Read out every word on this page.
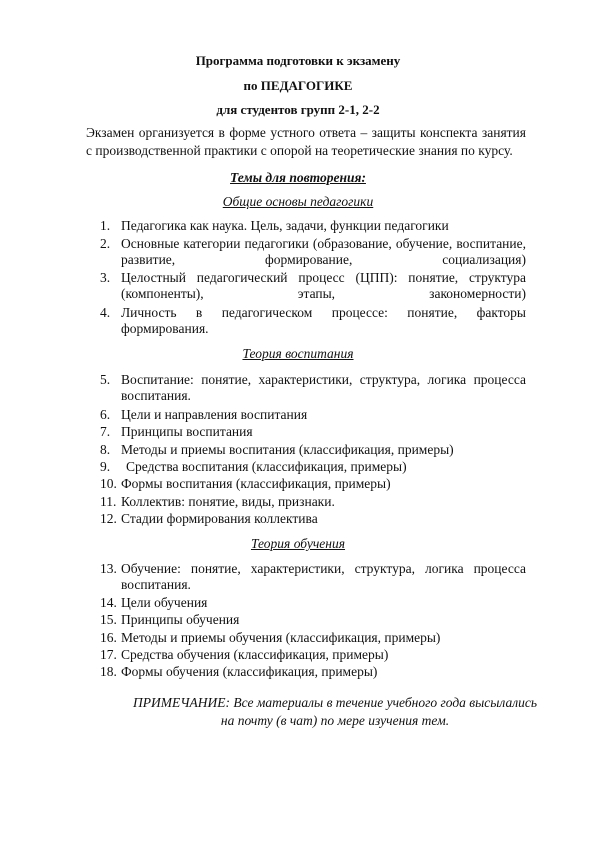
Программа подготовки к экзамену

по ПЕДАГОГИКЕ

для студентов групп 2-1, 2-2

Экзамен организуется в форме устного ответа – защиты конспекта занятия с производственной практики с опорой на теоретические знания по курсу.

Темы для повторения:

Общие основы педагогики

1. Педагогика как наука. Цель, задачи, функции педагогики
2. Основные категории педагогики (образование, обучение, воспитание,
развитие, формирование, социализация)
3. Целостный педагогический процесс (ЦПП): понятие, структура
(компоненты), этапы, закономерности)
4. Личность в педагогическом процессе: понятие, факторы
формирования.

Теория воспитания

5. Воспитание: понятие, характеристики, структура, логика процесса
воспитания.
6. Цели и направления воспитания
7. Принципы воспитания
8. Методы и приемы воспитания (классификация, примеры)
9. Средства воспитания (классификация, примеры)
10. Формы воспитания (классификация, примеры)
11. Коллектив: понятие, виды, признаки.
12. Стадии формирования коллектива

Теория обучения

13. Обучение: понятие, характеристики, структура, логика процесса
воспитания.
14. Цели обучения
15. Принципы обучения
16. Методы и приемы обучения (классификация, примеры)
17. Средства обучения (классификация, примеры)
18. Формы обучения (классификация, примеры)

ПРИМЕЧАНИЕ: Все материалы в течение учебного года высылались

на почту (в чат) по мере изучения тем.
